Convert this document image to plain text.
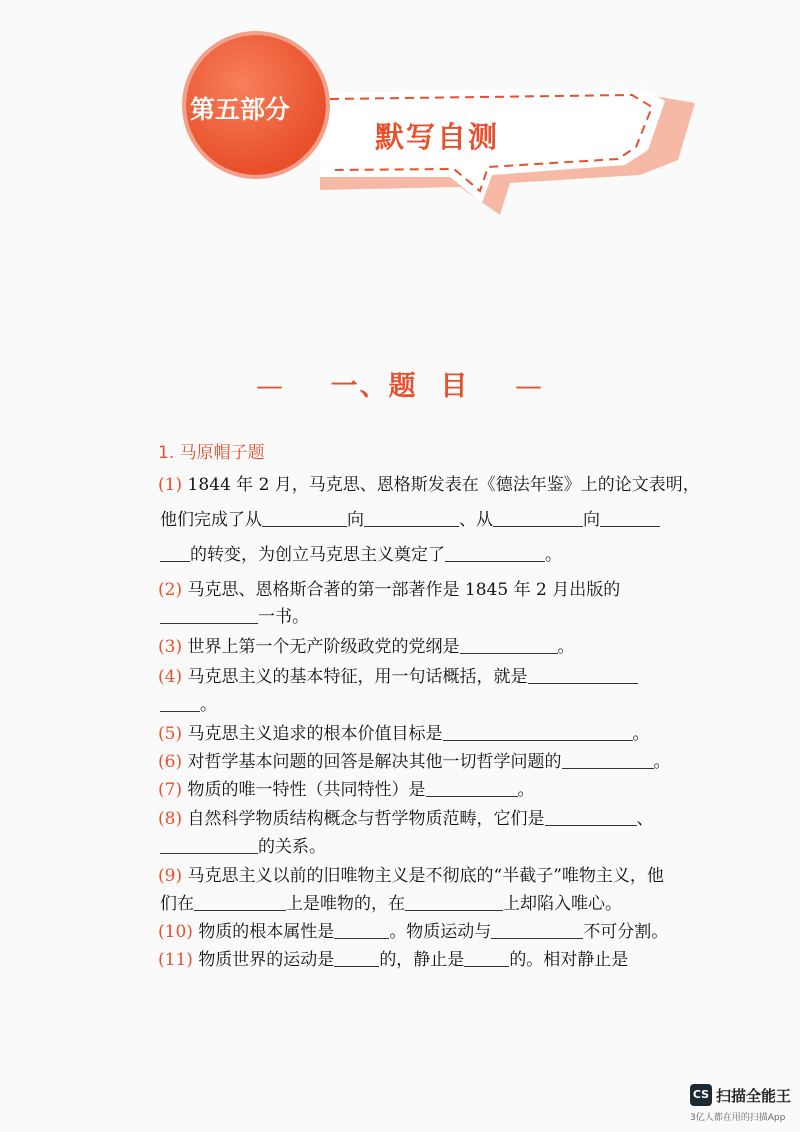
第五部分
默写自测
— 一、题  目 —
1. 马原帽子题
(1) 1844 年 2 月，马克思、恩格斯发表在《德法年鉴》上的论文表明，
他们完成了从	向	、从	向
的转变，为创立马克思主义奠定了	。
(2) 马克思、恩格斯合著的第一部著作是 1845 年 2 月出版的
一书。
(3) 世界上第一个无产阶级政党的党纲是	。
(4) 马克思主义的基本特征，用一句话概括，就是
。
(5) 马克思主义追求的根本价值目标是	。
(6) 对哲学基本问题的回答是解决其他一切哲学问题的	。
(7) 物质的唯一特性（共同特性）是	。
(8) 自然科学物质结构概念与哲学物质范畴，它们是	、
的关系。
(9) 马克思主义以前的旧唯物主义是不彻底的“半截子”唯物主义，他
们在	上是唯物的，在	上却陷入唯心。
(10) 物质的根本属性是	。物质运动与	不可分割。
(11) 物质世界的运动是	的，静止是	的。相对静止是
CS 扫描全能王
3亿人都在用的扫描App
